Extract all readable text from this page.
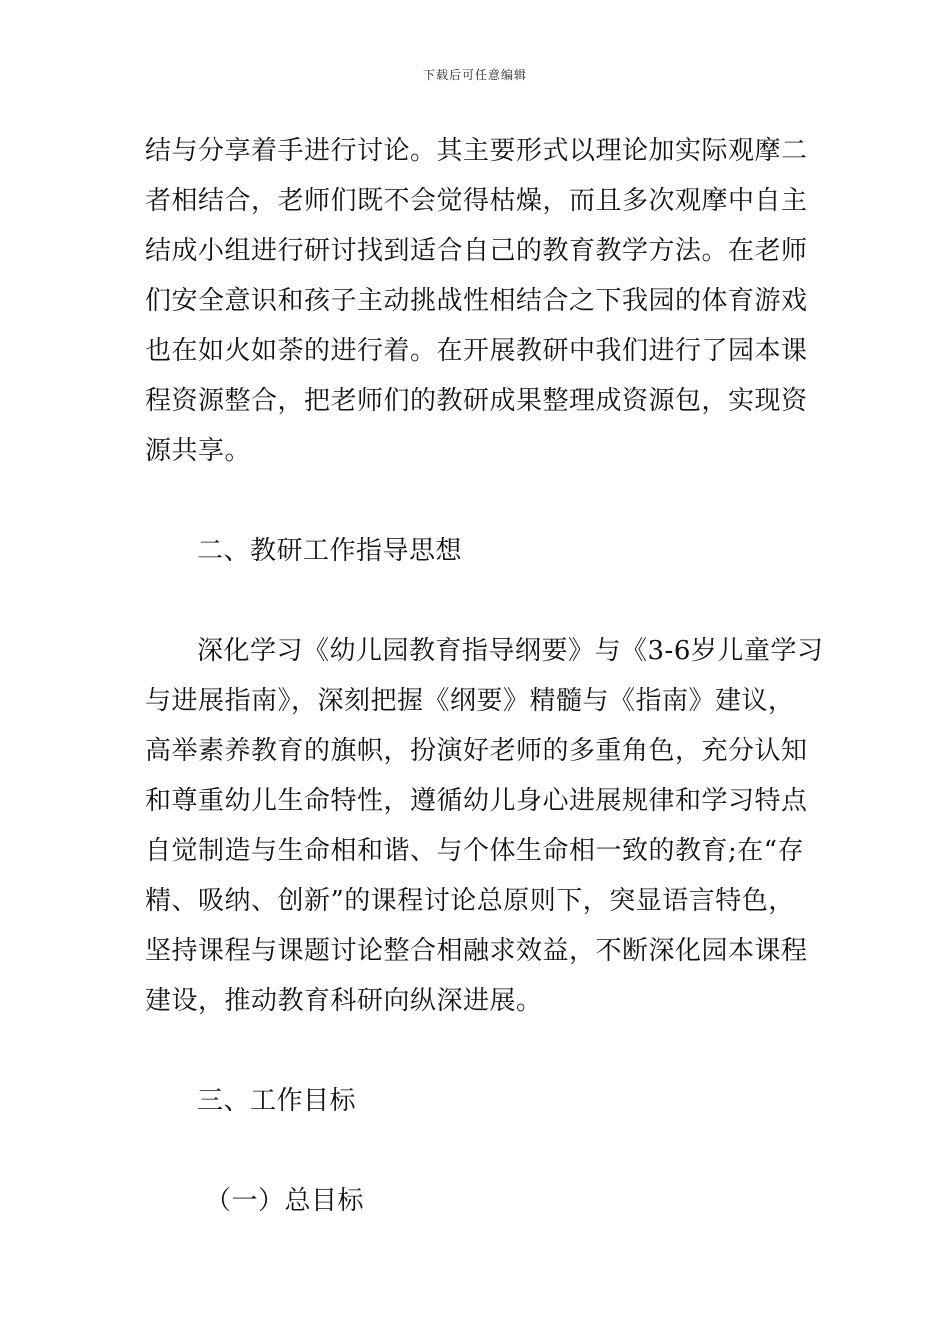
下载后可任意编辑
结与分享着手进行讨论。其主要形式以理论加实际观摩二
者相结合，老师们既不会觉得枯燥，而且多次观摩中自主
结成小组进行研讨找到适合自己的教育教学方法。在老师
们安全意识和孩子主动挑战性相结合之下我园的体育游戏
也在如火如荼的进行着。在开展教研中我们进行了园本课
程资源整合，把老师们的教研成果整理成资源包，实现资
源共享。
二、教研工作指导思想
深化学习《幼儿园教育指导纲要》与《3-6岁儿童学习
与进展指南》，深刻把握《纲要》精髓与《指南》建议，
高举素养教育的旗帜，扮演好老师的多重角色，充分认知
和尊重幼儿生命特性，遵循幼儿身心进展规律和学习特点
自觉制造与生命相和谐、与个体生命相一致的教育;在“存
精、吸纳、创新”的课程讨论总原则下，突显语言特色，
坚持课程与课题讨论整合相融求效益，不断深化园本课程
建设，推动教育科研向纵深进展。
三、工作目标
（一）总目标
